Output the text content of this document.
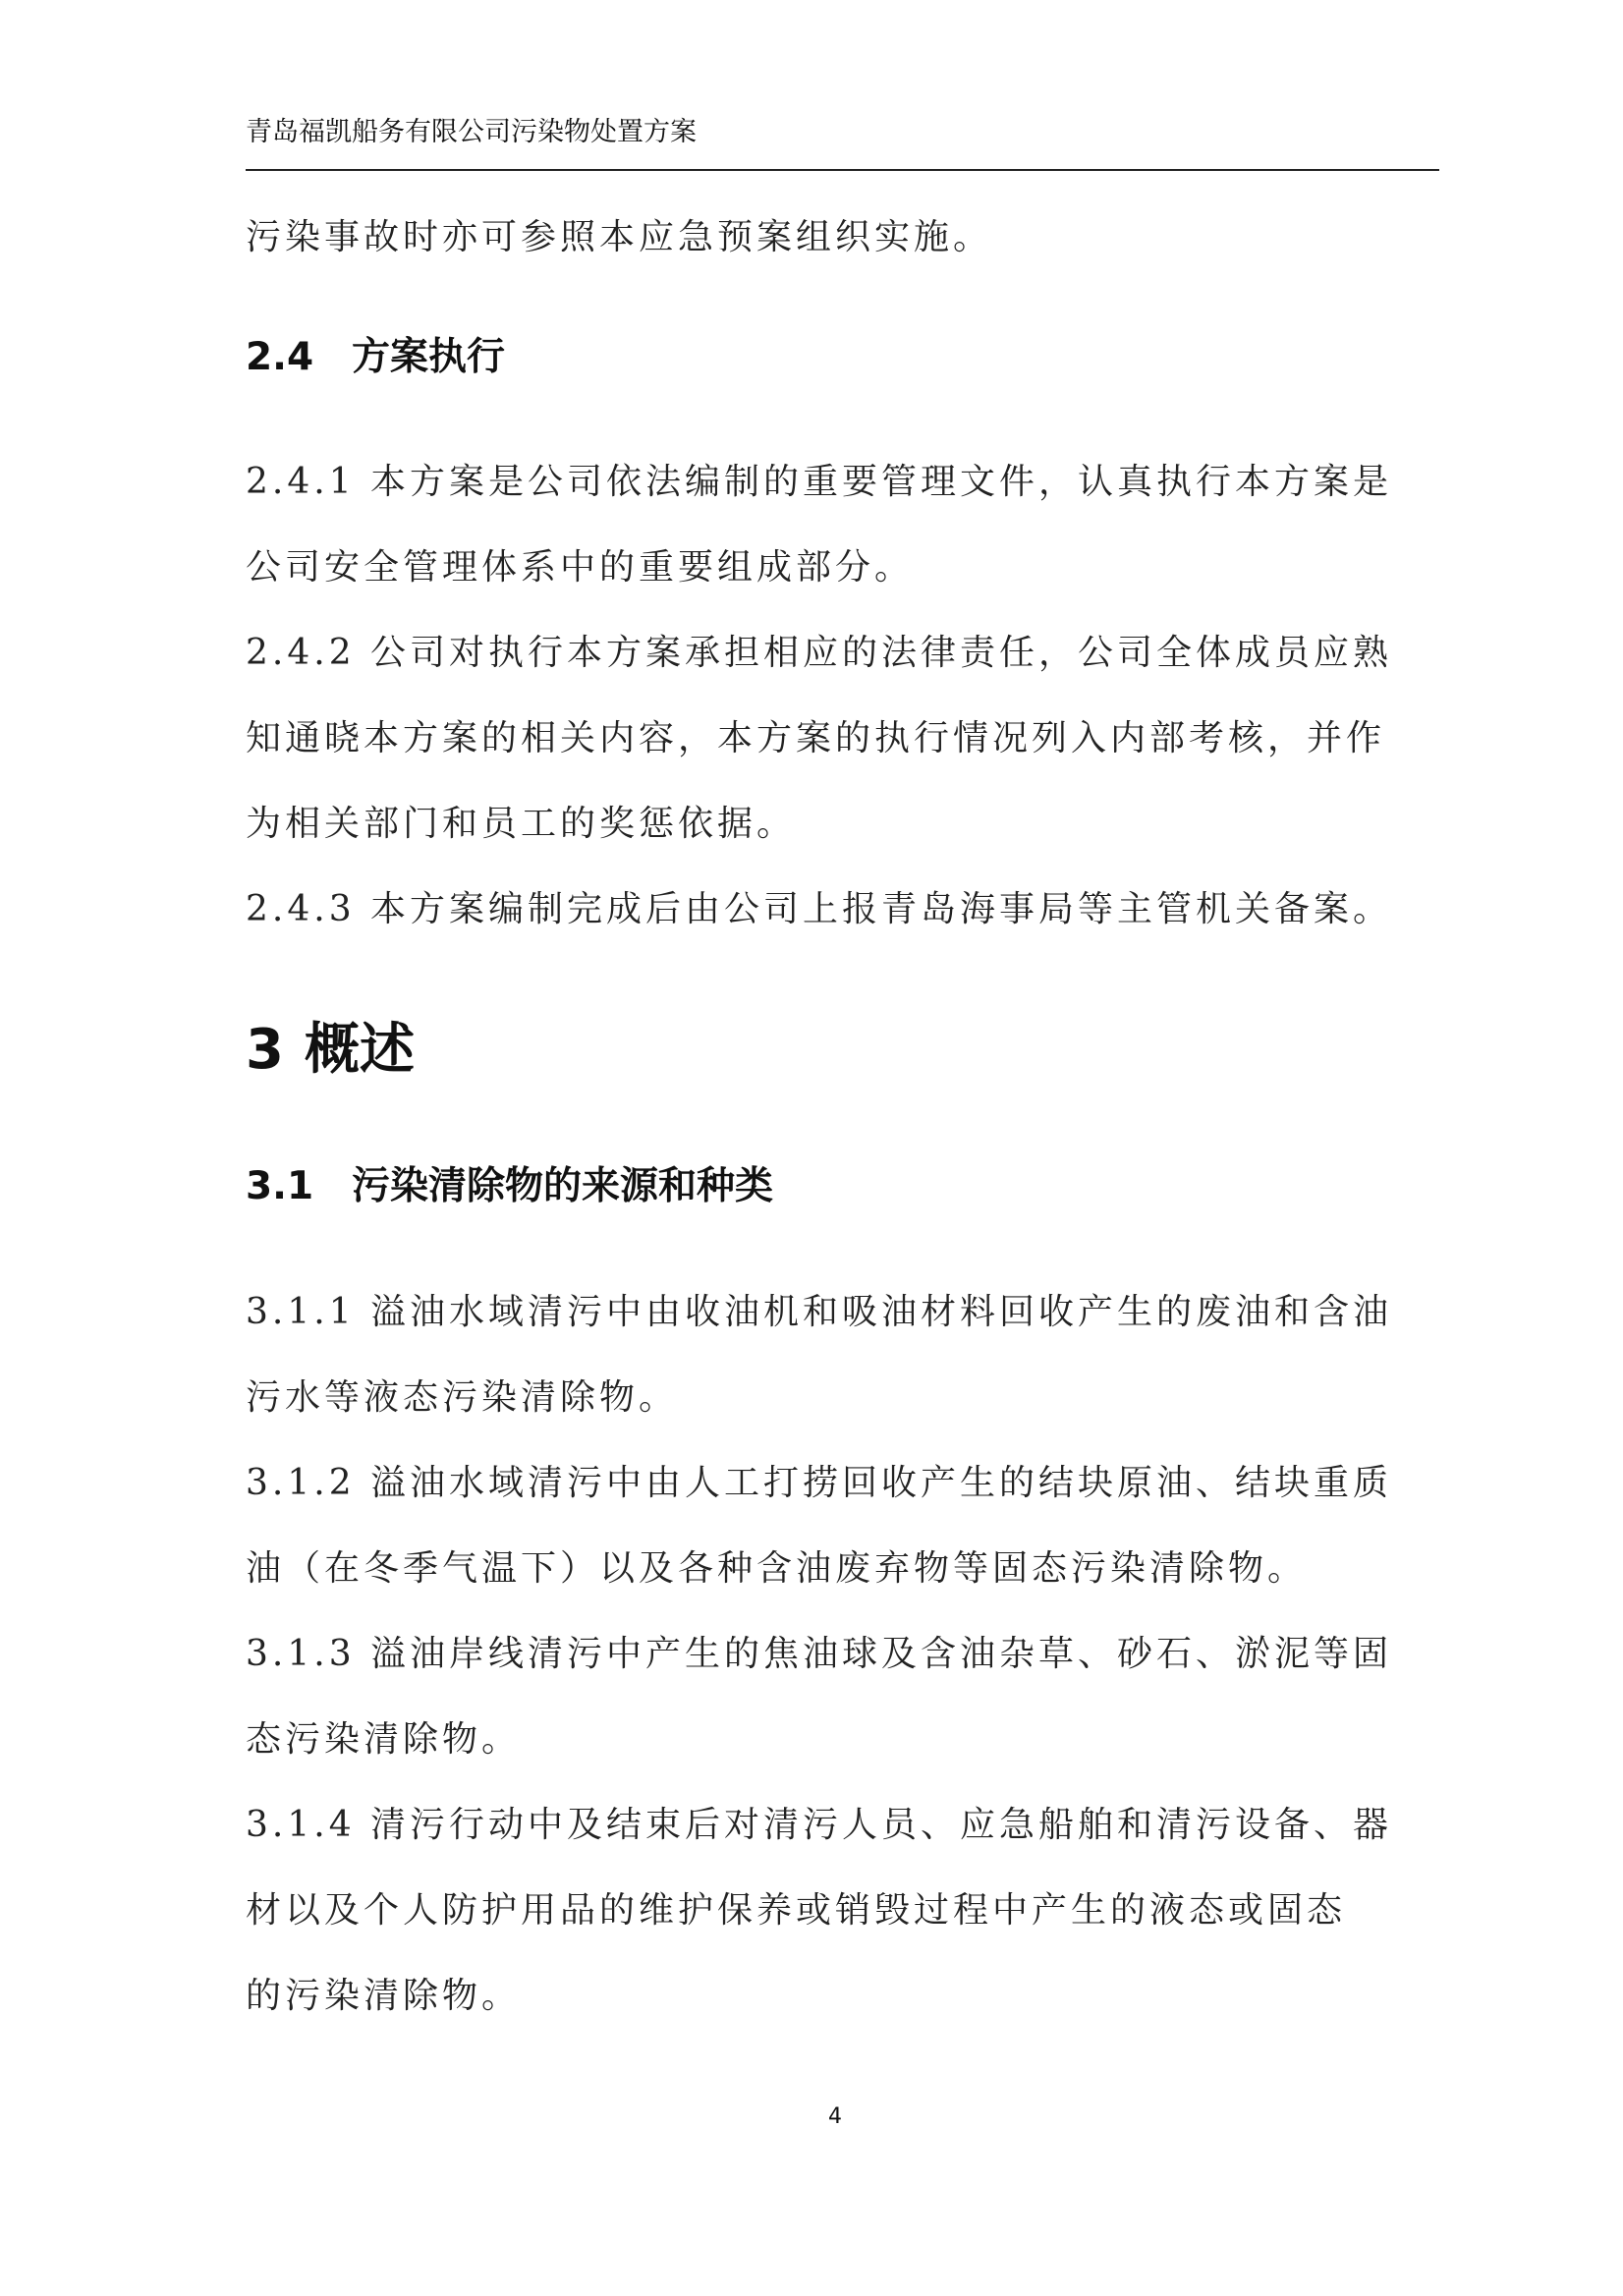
青岛福凯船务有限公司污染物处置方案

污染事故时亦可参照本应急预案组织实施。

2.4 方案执行

2.4.1 本方案是公司依法编制的重要管理文件，认真执行本方案是

公司安全管理体系中的重要组成部分。

2.4.2 公司对执行本方案承担相应的法律责任，公司全体成员应熟

知通晓本方案的相关内容，本方案的执行情况列入内部考核，并作

为相关部门和员工的奖惩依据。

2.4.3 本方案编制完成后由公司上报青岛海事局等主管机关备案。

3 概述
3.1 污染清除物的来源和种类

3.1.1 溢油水域清污中由收油机和吸油材料回收产生的废油和含油

污水等液态污染清除物。

3.1.2 溢油水域清污中由人工打捞回收产生的结块原油、结块重质

油（在冬季气温下）以及各种含油废弃物等固态污染清除物。

3.1.3 溢油岸线清污中产生的焦油球及含油杂草、砂石、淤泥等固

态污染清除物。

3.1.4 清污行动中及结束后对清污人员、应急船舶和清污设备、器

材以及个人防护用品的维护保养或销毁过程中产生的液态或固态

的污染清除物。

4
